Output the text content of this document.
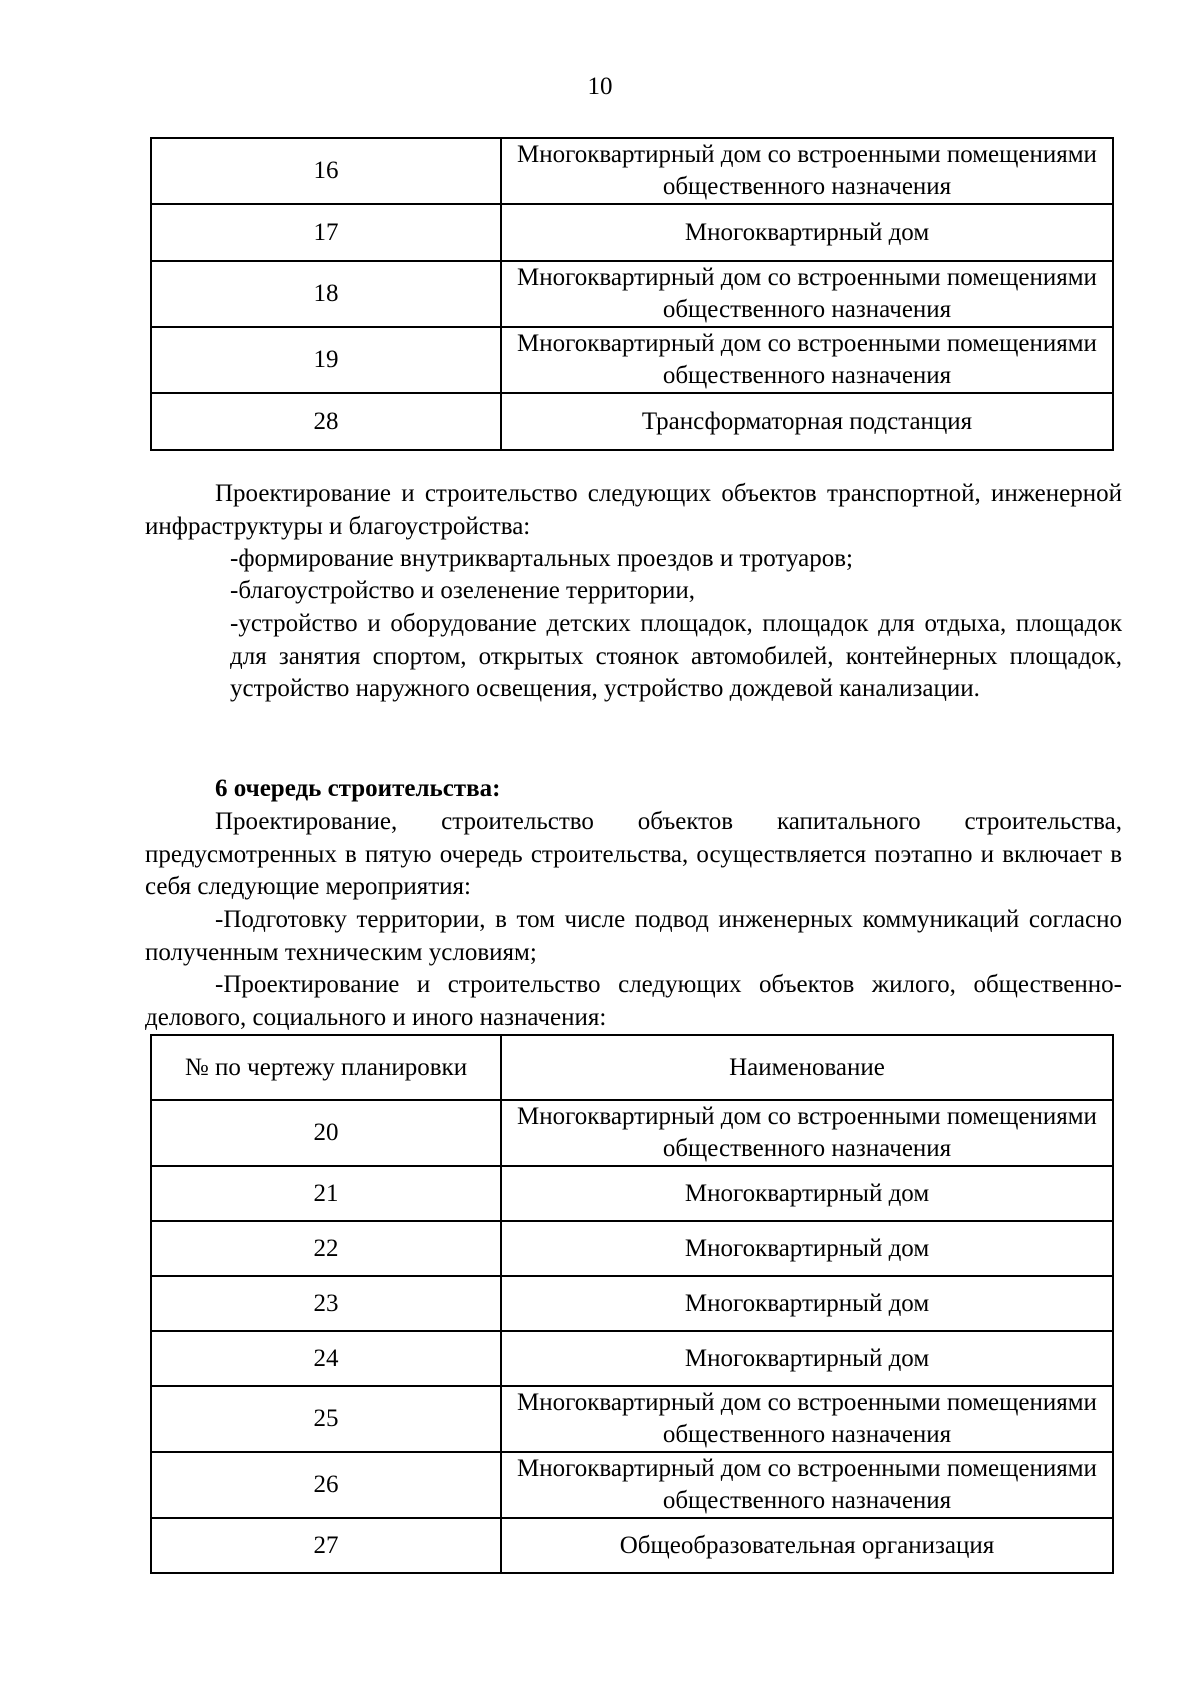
10
16	Многоквартирный дом со встроенными помещениями общественного назначения
17	Многоквартирный дом
18	Многоквартирный дом со встроенными помещениями общественного назначения
19	Многоквартирный дом со встроенными помещениями общественного назначения
28	Трансформаторная подстанция

Проектирование и строительство следующих объектов транспортной, инженерной инфраструктуры и благоустройства:

-формирование внутриквартальных проездов и тротуаров;

-благоустройство и озеленение территории,

-устройство и оборудование детских площадок, площадок для отдыха, площадок для занятия спортом, открытых стоянок автомобилей, контейнерных площадок, устройство наружного освещения, устройство дождевой канализации.

6 очередь строительства:

Проектирование, строительство объектов капитального строительства, предусмотренных в пятую очередь строительства, осуществляется поэтапно и включает в себя следующие мероприятия:

-Подготовку территории, в том числе подвод инженерных коммуникаций согласно полученным техническим условиям;

-Проектирование и строительство следующих объектов жилого, общественно-делового, социального и иного назначения:

№ по чертежу планировки	Наименование
20	Многоквартирный дом со встроенными помещениями общественного назначения
21	Многоквартирный дом
22	Многоквартирный дом
23	Многоквартирный дом
24	Многоквартирный дом
25	Многоквартирный дом со встроенными помещениями общественного назначения
26	Многоквартирный дом со встроенными помещениями общественного назначения
27	Общеобразовательная организация
